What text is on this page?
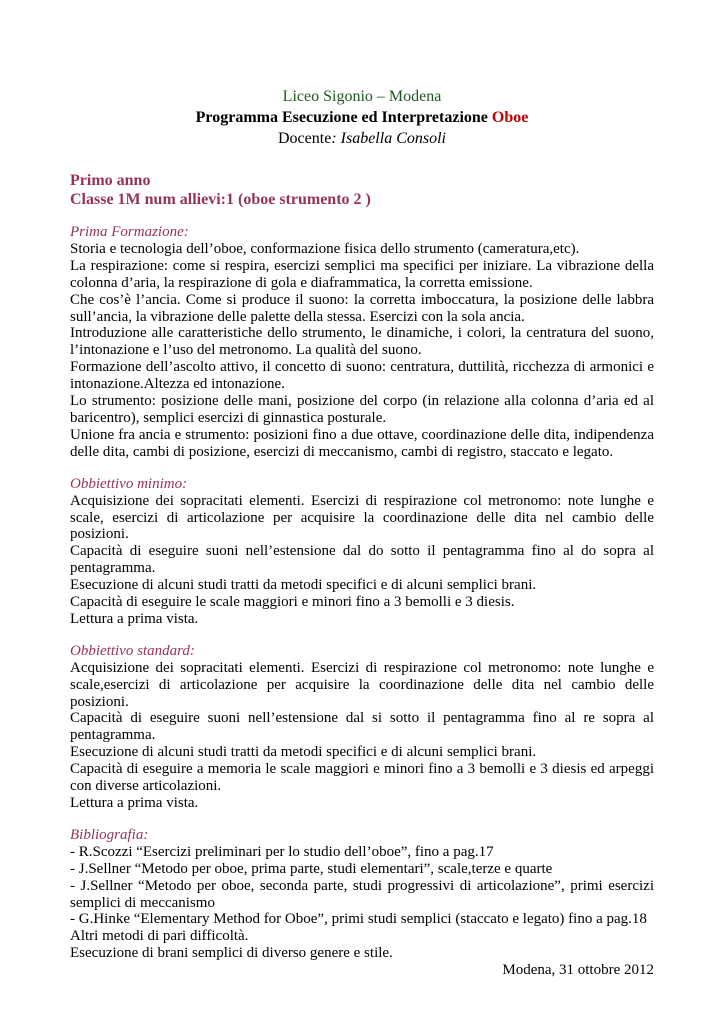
Liceo Sigonio – Modena
Programma Esecuzione ed Interpretazione Oboe
Docente: Isabella Consoli
Primo anno
Classe 1M num allievi:1 (oboe strumento 2 )
Prima Formazione:
Storia e tecnologia dell’oboe, conformazione fisica dello strumento (cameratura,etc).
La respirazione: come si respira, esercizi semplici ma specifici per iniziare. La vibrazione della colonna d’aria, la respirazione di gola e diaframmatica, la corretta emissione.
Che cos’è l’ancia. Come si produce il suono: la corretta imboccatura, la posizione delle labbra sull’ancia, la vibrazione delle palette della stessa. Esercizi con la sola ancia.
Introduzione alle caratteristiche dello strumento, le dinamiche, i colori, la centratura del suono, l’intonazione e l’uso del metronomo. La qualità del suono.
Formazione dell’ascolto attivo, il concetto di suono: centratura, duttilità, ricchezza di armonici e intonazione.Altezza ed intonazione.
Lo strumento: posizione delle mani, posizione del corpo (in relazione alla colonna d’aria ed al baricentro), semplici esercizi di ginnastica posturale.
Unione fra ancia e strumento: posizioni fino a due ottave, coordinazione delle dita, indipendenza delle dita, cambi di posizione, esercizi di meccanismo, cambi di registro, staccato e legato.
Obbiettivo minimo:
Acquisizione dei sopracitati elementi. Esercizi di respirazione col metronomo: note lunghe e scale, esercizi di articolazione per acquisire la coordinazione delle dita nel cambio delle posizioni.
Capacità di eseguire suoni nell’estensione dal do sotto il pentagramma fino al do sopra al pentagramma.
Esecuzione di alcuni studi tratti da metodi specifici e di alcuni semplici brani.
Capacità di eseguire le scale maggiori e minori fino a 3 bemolli e 3 diesis.
Lettura a prima vista.
Obbiettivo standard:
Acquisizione dei sopracitati elementi. Esercizi di respirazione col metronomo: note lunghe e scale,esercizi di articolazione per acquisire la coordinazione delle dita nel cambio delle posizioni.
Capacità di eseguire suoni nell’estensione dal si sotto il pentagramma fino al re sopra al pentagramma.
Esecuzione di alcuni studi tratti da metodi specifici e di alcuni semplici brani.
Capacità di eseguire a memoria le scale maggiori e minori fino a 3 bemolli e 3 diesis ed arpeggi con diverse articolazioni.
Lettura a prima vista.
Bibliografia:
- R.Scozzi “Esercizi preliminari per lo studio dell’oboe”, fino a pag.17
- J.Sellner “Metodo per oboe, prima parte, studi elementari”, scale,terze e quarte
- J.Sellner “Metodo per oboe, seconda parte, studi progressivi di articolazione”, primi esercizi semplici di meccanismo
- G.Hinke “Elementary Method for Oboe”, primi studi semplici (staccato e legato) fino a pag.18
Altri metodi di pari difficoltà.
Esecuzione di brani semplici di diverso genere e stile.
Modena, 31 ottobre 2012
